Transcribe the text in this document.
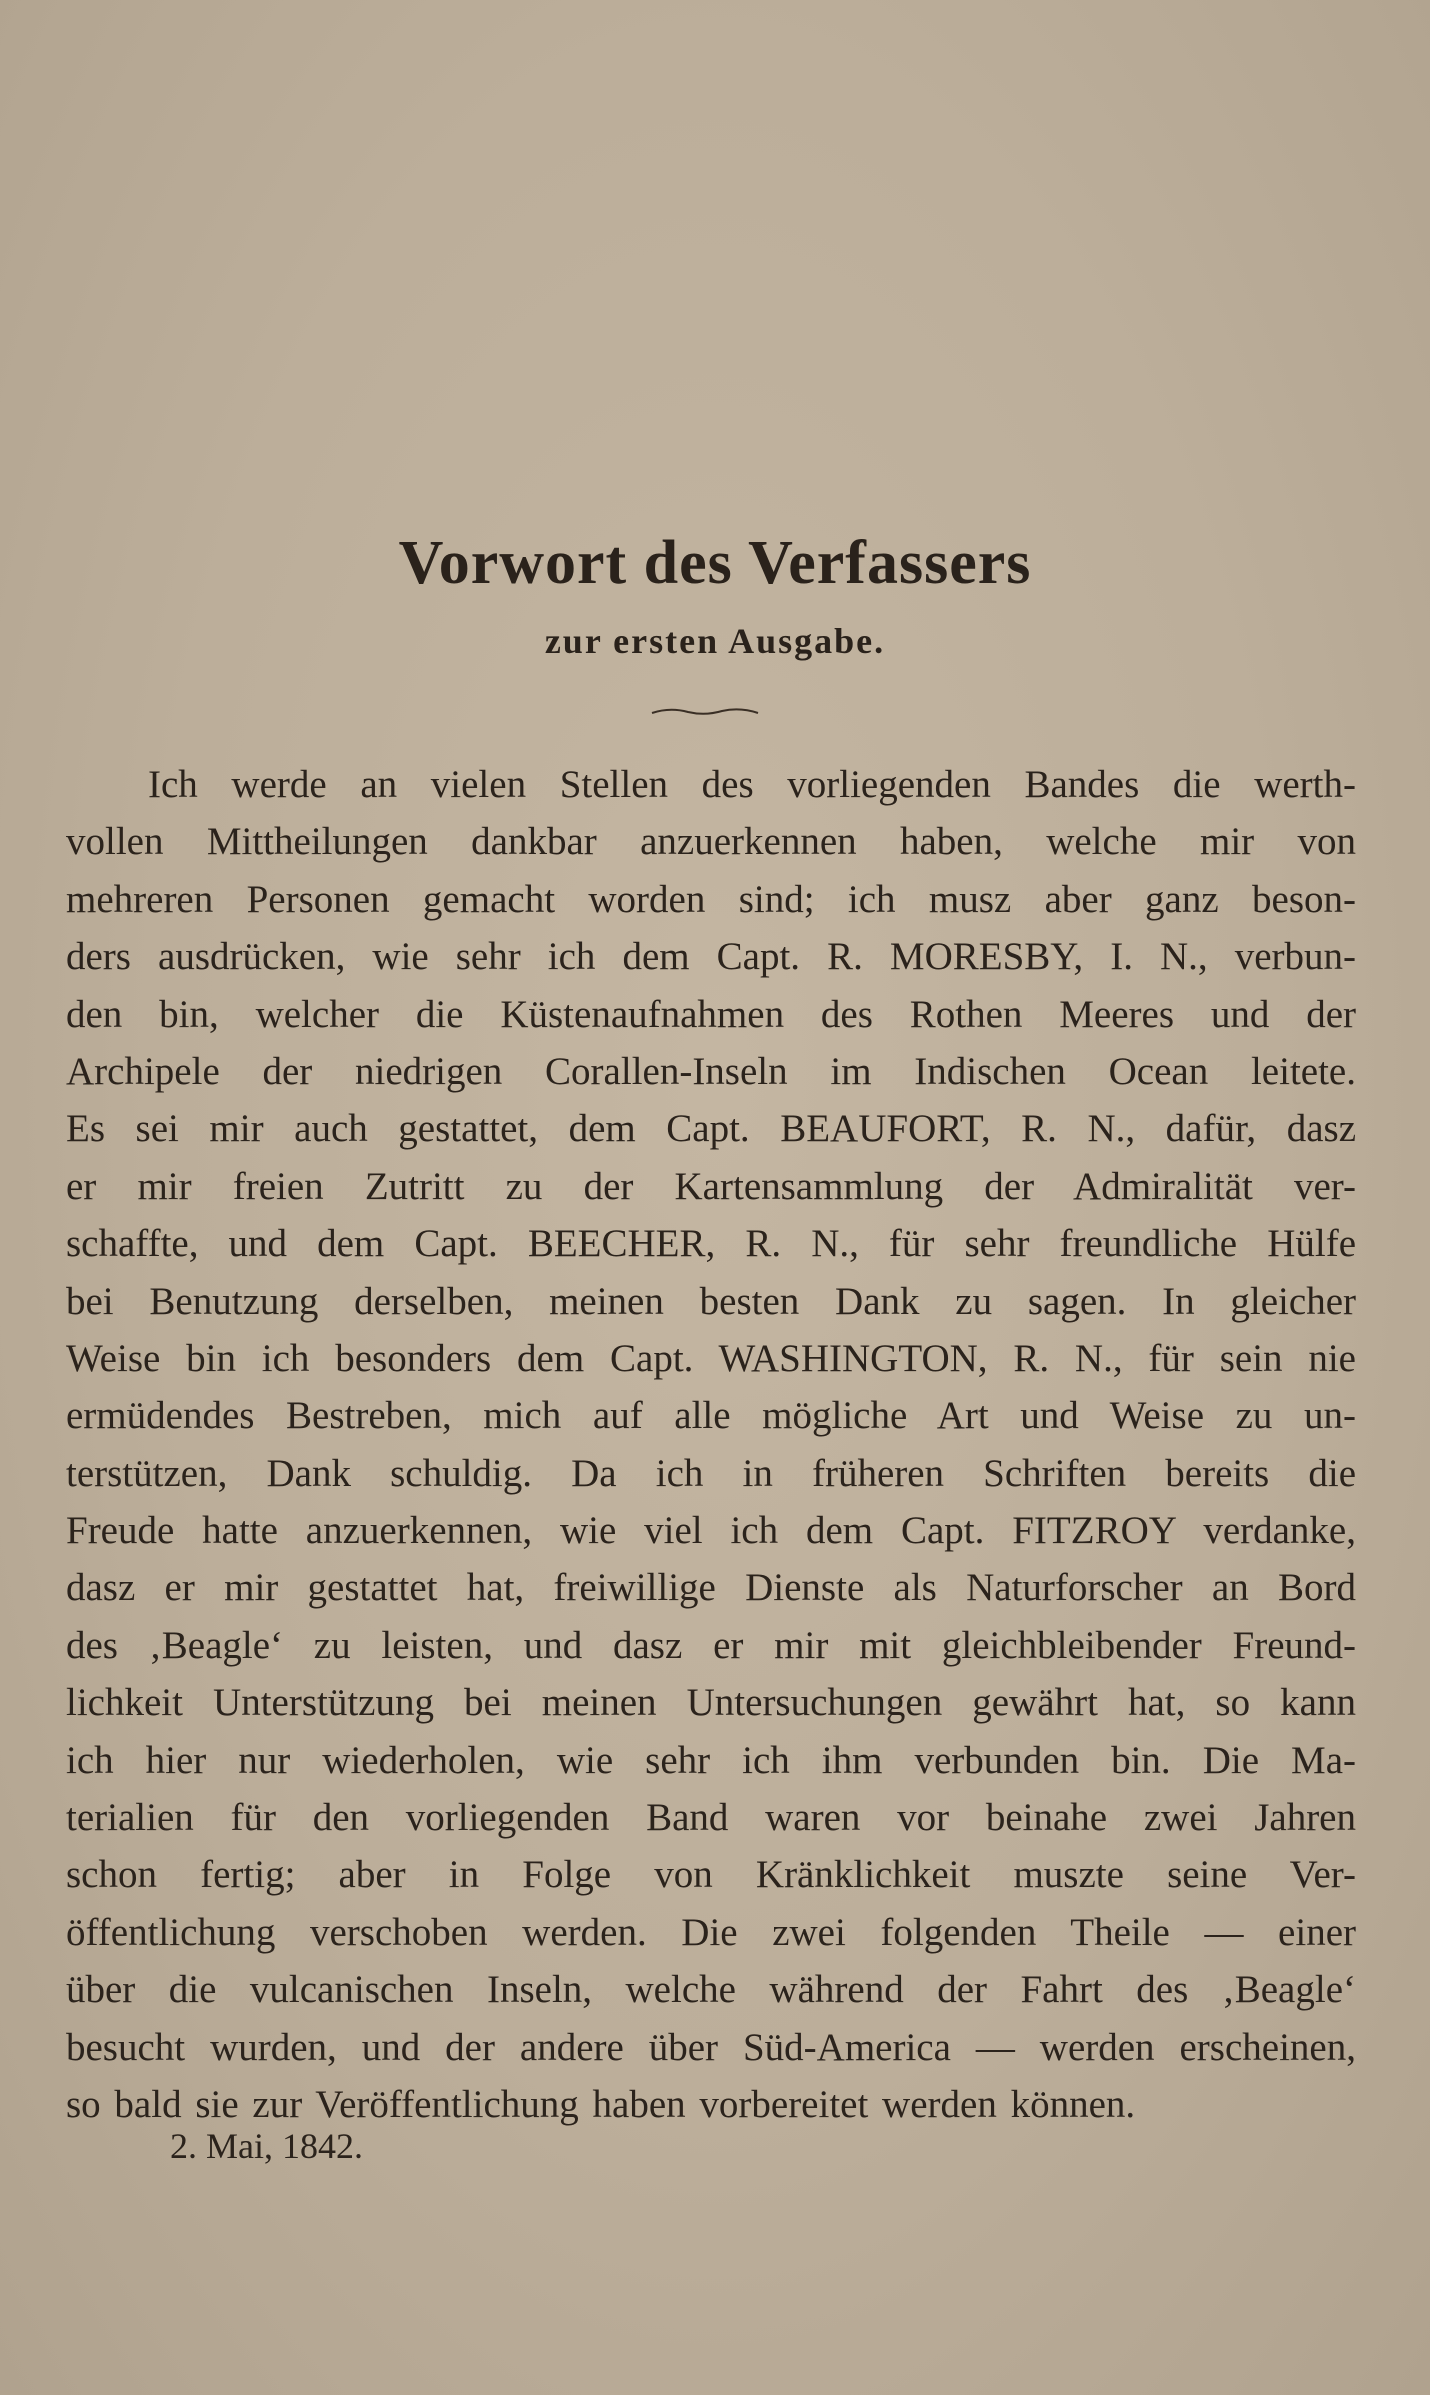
Vorwort des Verfassers
zur ersten Ausgabe.
Ich werde an vielen Stellen des vorliegenden Bandes die werth-
vollen Mittheilungen dankbar anzuerkennen haben, welche mir von
mehreren Personen gemacht worden sind; ich musz aber ganz beson-
ders ausdrücken, wie sehr ich dem Capt. R. MORESBY, I. N., verbun-
den bin, welcher die Küstenaufnahmen des Rothen Meeres und der
Archipele der niedrigen Corallen-Inseln im Indischen Ocean leitete.
Es sei mir auch gestattet, dem Capt. BEAUFORT, R. N., dafür, dasz
er mir freien Zutritt zu der Kartensammlung der Admiralität ver-
schaffte, und dem Capt. BEECHER, R. N., für sehr freundliche Hülfe
bei Benutzung derselben, meinen besten Dank zu sagen. In gleicher
Weise bin ich besonders dem Capt. WASHINGTON, R. N., für sein nie
ermüdendes Bestreben, mich auf alle mögliche Art und Weise zu un-
terstützen, Dank schuldig. Da ich in früheren Schriften bereits die
Freude hatte anzuerkennen, wie viel ich dem Capt. FITZROY verdanke,
dasz er mir gestattet hat, freiwillige Dienste als Naturforscher an Bord
des ‚Beagle‘ zu leisten, und dasz er mir mit gleichbleibender Freund-
lichkeit Unterstützung bei meinen Untersuchungen gewährt hat, so kann
ich hier nur wiederholen, wie sehr ich ihm verbunden bin. Die Ma-
terialien für den vorliegenden Band waren vor beinahe zwei Jahren
schon fertig; aber in Folge von Kränklichkeit muszte seine Ver-
öffentlichung verschoben werden. Die zwei folgenden Theile — einer
über die vulcanischen Inseln, welche während der Fahrt des ‚Beagle‘
besucht wurden, und der andere über Süd-America — werden erscheinen,
so bald sie zur Veröffentlichung haben vorbereitet werden können.
2. Mai, 1842.
